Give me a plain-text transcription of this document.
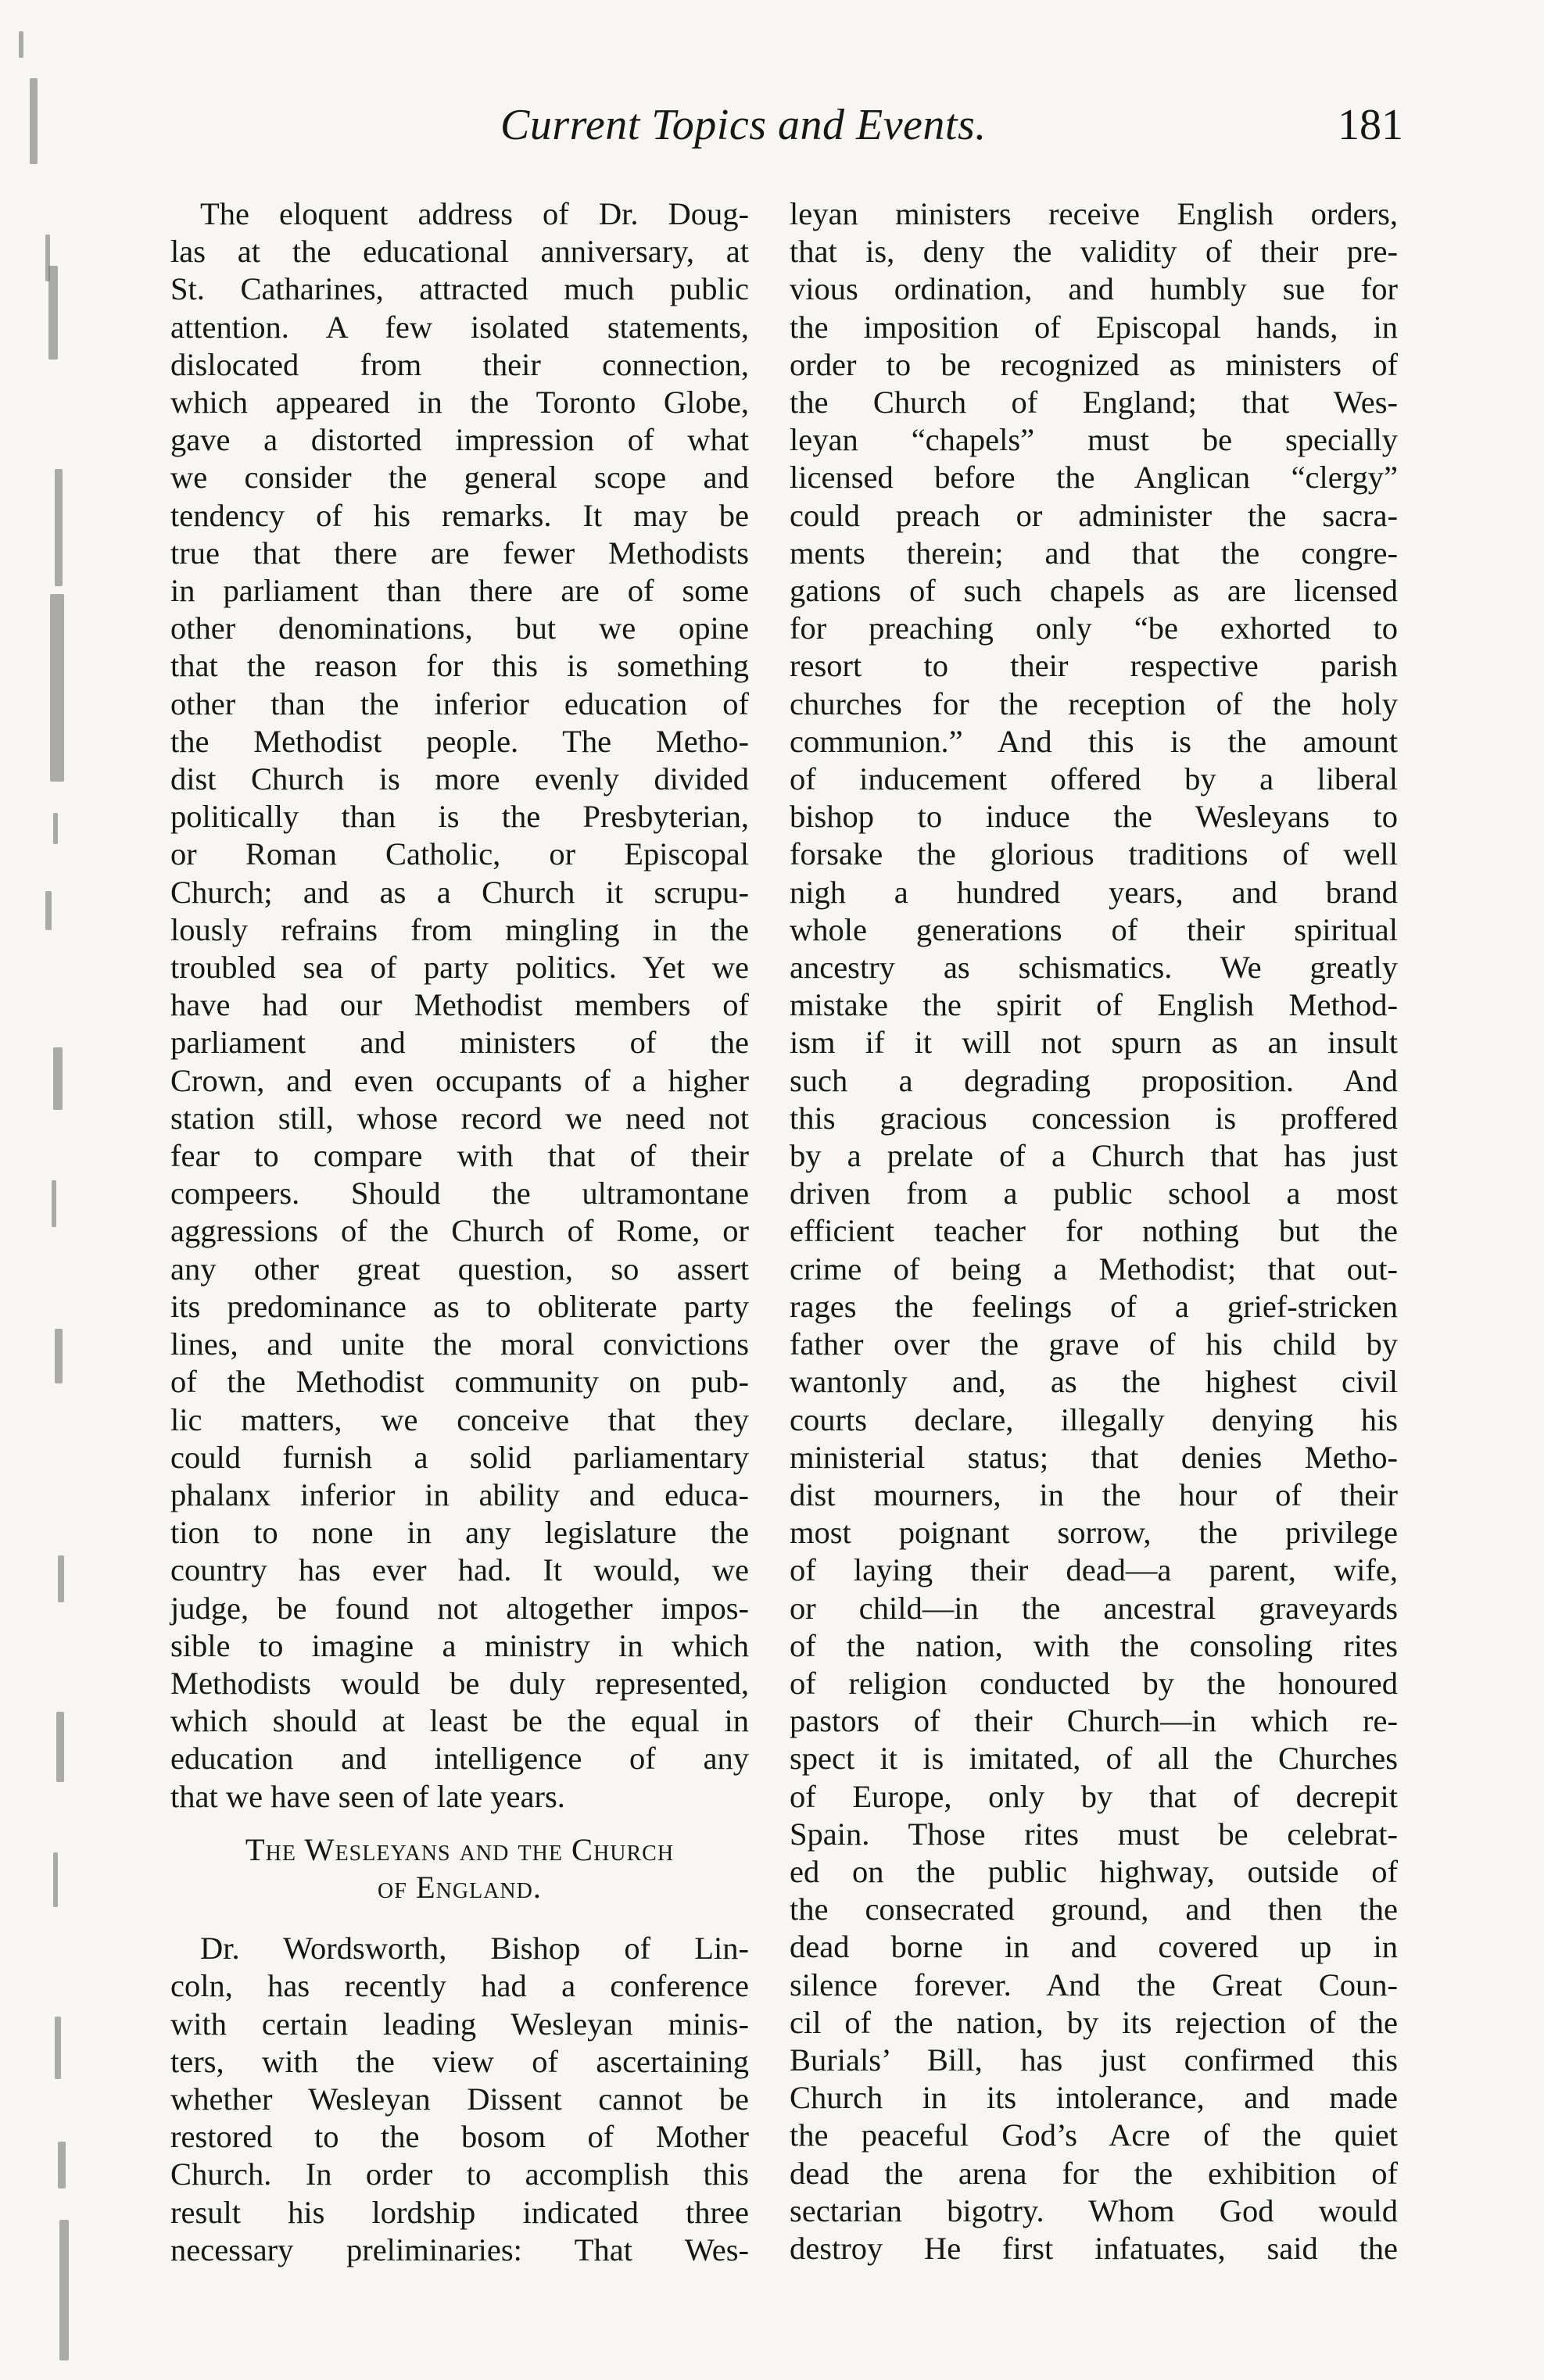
Current Topics and Events.	181
The eloquent address of Dr. Doug-
las at the educational anniversary, at
St. Catharines, attracted much public
attention. A few isolated statements,
dislocated from their connection,
which appeared in the Toronto Globe,
gave a distorted impression of what
we consider the general scope and
tendency of his remarks. It may be
true that there are fewer Methodists
in parliament than there are of some
other denominations, but we opine
that the reason for this is something
other than the inferior education of
the Methodist people. The Metho-
dist Church is more evenly divided
politically than is the Presbyterian,
or Roman Catholic, or Episcopal
Church; and as a Church it scrupu-
lously refrains from mingling in the
troubled sea of party politics. Yet we
have had our Methodist members of
parliament and ministers of the
Crown, and even occupants of a higher
station still, whose record we need not
fear to compare with that of their
compeers. Should the ultramontane
aggressions of the Church of Rome, or
any other great question, so assert
its predominance as to obliterate party
lines, and unite the moral convictions
of the Methodist community on pub-
lic matters, we conceive that they
could furnish a solid parliamentary
phalanx inferior in ability and educa-
tion to none in any legislature the
country has ever had. It would, we
judge, be found not altogether impos-
sible to imagine a ministry in which
Methodists would be duly represented,
which should at least be the equal in
education and intelligence of any
that we have seen of late years.
The Wesleyans and the Church
of England.
Dr. Wordsworth, Bishop of Lin-
coln, has recently had a conference
with certain leading Wesleyan minis-
ters, with the view of ascertaining
whether Wesleyan Dissent cannot be
restored to the bosom of Mother
Church. In order to accomplish this
result his lordship indicated three
necessary preliminaries: That Wes-
leyan ministers receive English orders,
that is, deny the validity of their pre-
vious ordination, and humbly sue for
the imposition of Episcopal hands, in
order to be recognized as ministers of
the Church of England; that Wes-
leyan “chapels” must be specially
licensed before the Anglican “clergy”
could preach or administer the sacra-
ments therein; and that the congre-
gations of such chapels as are licensed
for preaching only “be exhorted to
resort to their respective parish
churches for the reception of the holy
communion.” And this is the amount
of inducement offered by a liberal
bishop to induce the Wesleyans to
forsake the glorious traditions of well
nigh a hundred years, and brand
whole generations of their spiritual
ancestry as schismatics. We greatly
mistake the spirit of English Method-
ism if it will not spurn as an insult
such a degrading proposition. And
this gracious concession is proffered
by a prelate of a Church that has just
driven from a public school a most
efficient teacher for nothing but the
crime of being a Methodist; that out-
rages the feelings of a grief-stricken
father over the grave of his child by
wantonly and, as the highest civil
courts declare, illegally denying his
ministerial status; that denies Metho-
dist mourners, in the hour of their
most poignant sorrow, the privilege
of laying their dead—a parent, wife,
or child—in the ancestral graveyards
of the nation, with the consoling rites
of religion conducted by the honoured
pastors of their Church—in which re-
spect it is imitated, of all the Churches
of Europe, only by that of decrepit
Spain. Those rites must be celebrat-
ed on the public highway, outside of
the consecrated ground, and then the
dead borne in and covered up in
silence forever. And the Great Coun-
cil of the nation, by its rejection of the
Burials’ Bill, has just confirmed this
Church in its intolerance, and made
the peaceful God’s Acre of the quiet
dead the arena for the exhibition of
sectarian bigotry. Whom God would
destroy He first infatuates, said the
